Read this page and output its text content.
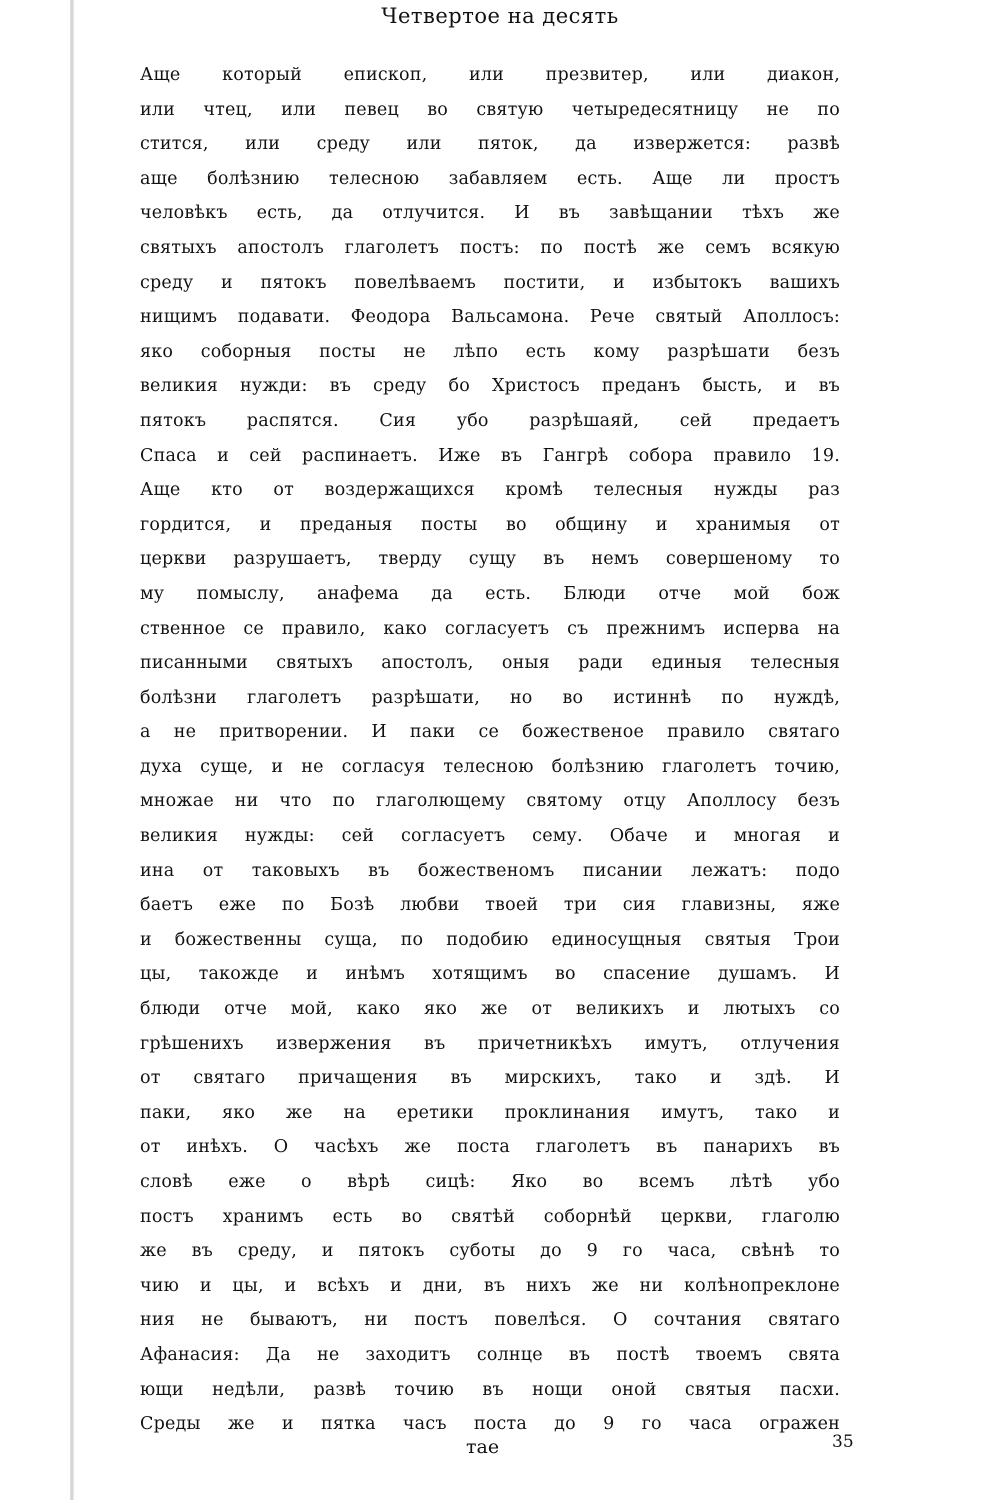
Четвертое на десять
Аще который епископ, или презвитер, или диакон,
или чтец, или певец во святую четыредесятницу не по
стится, или среду или пяток, да извержется: развѣ
аще болѣзнию телесною забавляем есть. Аще ли простъ
человѣкъ есть, да отлучится. И въ завѣщании тѣхъ же
святыхъ апостолъ глаголетъ постъ: по постѣ же семъ всякую
среду и пятокъ повелѣваемъ постити, и избытокъ вашихъ
нищимъ подавати. Феодора Вальсамона. Рече святый Аполлосъ:
яко соборныя посты не лѣпо есть кому разрѣшати безъ
великия нужди: въ среду бо Христосъ преданъ бысть, и въ
пятокъ распятся. Сия убо разрѣшаяй, сей предаетъ
Спаса и сей распинаетъ. Иже въ Гангрѣ собора правило 19.
Аще кто от воздержащихся кромѣ телесныя нужды раз
гордится, и преданыя посты во общину и хранимыя от
церкви разрушаетъ, тверду сущу въ немъ совершеному то
му помыслу, анафема да есть. Блюди отче мой бож
ственное се правило, како согласуетъ съ прежнимъ исперва на
писанными святыхъ апостолъ, оныя ради единыя телесныя
болѣзни глаголетъ разрѣшати, но во истиннѣ по нуждѣ,
а не притворении. И паки се божественое правило святаго
духа суще, и не согласуя телесною болѣзнию глаголетъ точию,
множае ни что по глаголющему святому отцу Аполлосу безъ
великия нужды: сей согласуетъ сему. Обаче и многая и
ина от таковыхъ въ божественомъ писании лежатъ: подо
баетъ еже по Бозѣ любви твоей три сия главизны, яже
и божественны суща, по подобию единосущныя святыя Трои
цы, такожде и инѣмъ хотящимъ во спасение душамъ. И
блюди отче мой, како яко же от великихъ и лютыхъ со
грѣшенихъ извержения въ причетникѣхъ имутъ, отлучения
от святаго причащения въ мирскихъ, тако и здѣ. И
паки, яко же на еретики проклинания имутъ, тако и
от инѣхъ. О часѣхъ же поста глаголетъ въ панарихъ въ
словѣ еже о вѣрѣ сицѣ: Яко во всемъ лѣтѣ убо
постъ хранимъ есть во святѣй соборнѣй церкви, глаголю
же въ среду, и пятокъ суботы до 9 го часа, свѣнѣ то
чию и цы, и всѣхъ и дни, въ нихъ же ни колѣнопреклоне
ния не бываютъ, ни постъ повелѣся. О сочтания святаго
Афанасия: Да не заходитъ солнце въ постѣ твоемъ свята
ющи недѣли, развѣ точию въ нощи оной святыя пасхи.
Среды же и пятка часъ поста до 9 го часа огражен
тае	35
